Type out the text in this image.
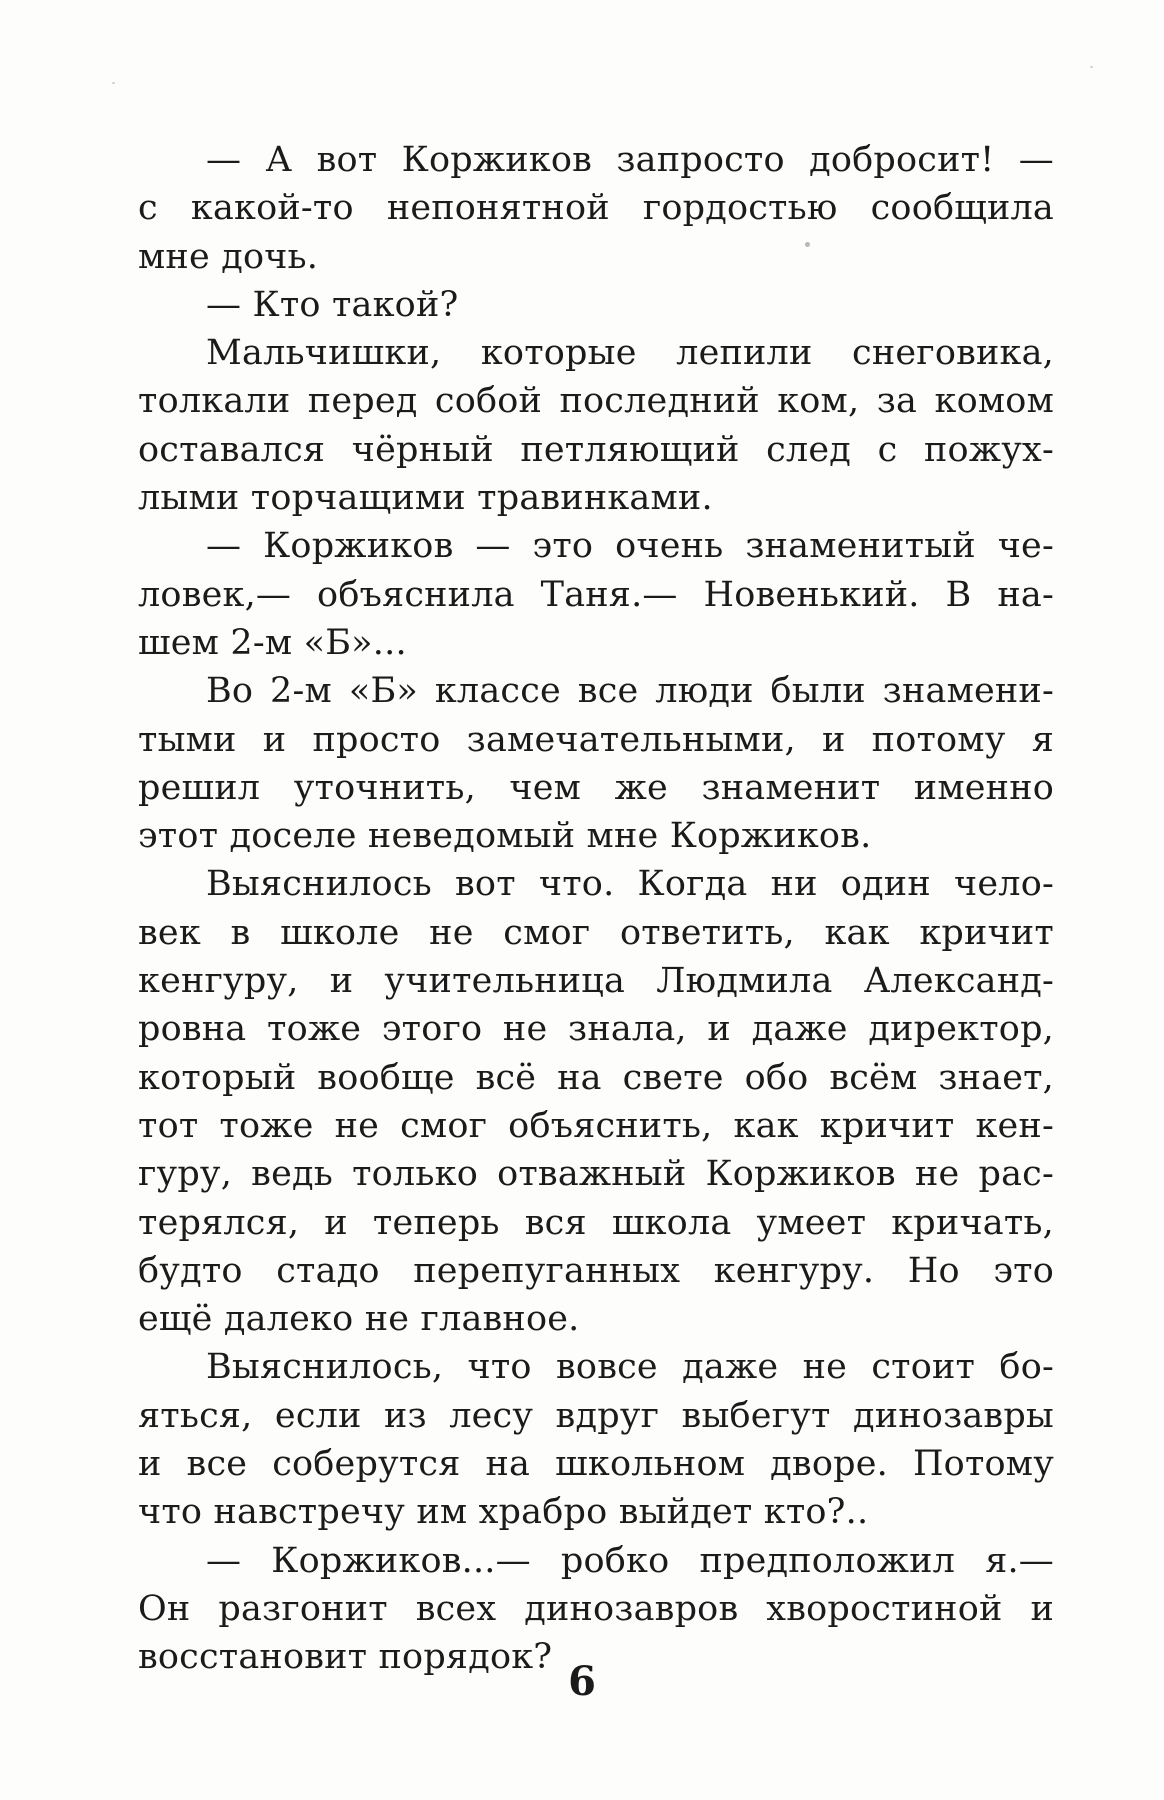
— А вот Коржиков запросто добросит! —
с какой-то непонятной гордостью сообщила
мне дочь.
— Кто такой?
Мальчишки, которые лепили снеговика,
толкали перед собой последний ком, за комом
оставался чёрный петляющий след с пожух-
лыми торчащими травинками.
— Коржиков — это очень знаменитый че-
ловек,— объяснила Таня.— Новенький. В на-
шем 2-м «Б»...
Во 2-м «Б» классе все люди были знамени-
тыми и просто замечательными, и потому я
решил уточнить, чем же знаменит именно
этот доселе неведомый мне Коржиков.
Выяснилось вот что. Когда ни один чело-
век в школе не смог ответить, как кричит
кенгуру, и учительница Людмила Александ-
ровна тоже этого не знала, и даже директор,
который вообще всё на свете обо всём знает,
тот тоже не смог объяснить, как кричит кен-
гуру, ведь только отважный Коржиков не рас-
терялся, и теперь вся школа умеет кричать,
будто стадо перепуганных кенгуру. Но это
ещё далеко не главное.
Выяснилось, что вовсе даже не стоит бо-
яться, если из лесу вдруг выбегут динозавры
и все соберутся на школьном дворе. Потому
что навстречу им храбро выйдет кто?..
— Коржиков...— робко предположил я.—
Он разгонит всех динозавров хворостиной и
восстановит порядок?
6
